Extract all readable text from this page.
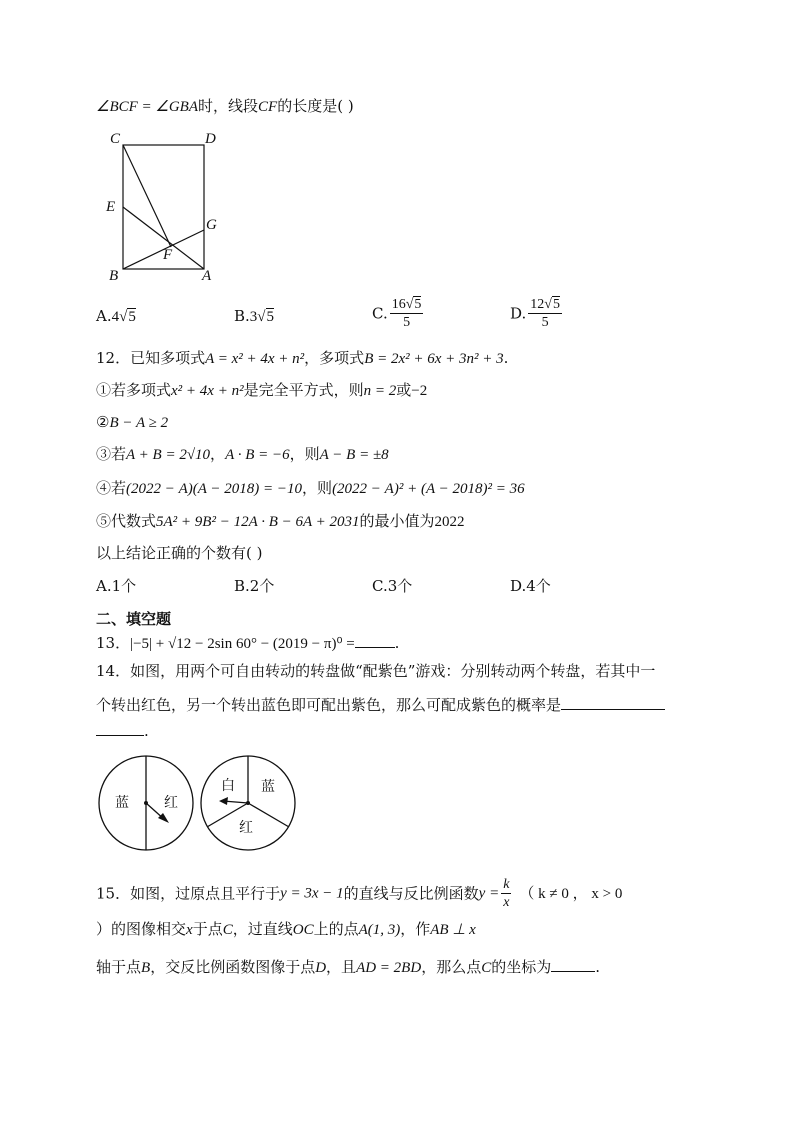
∠BCF = ∠GBA时，线段CF的长度是( )
C	D
E
G
F
B	A
A.4√5	B.3√5	C. $\frac{16√5}{5}$	D. $\frac{12√5}{5}$
12．已知多项式A = x² + 4x + n²，多项式B = 2x² + 6x + 3n² + 3.
①若多项式x² + 4x + n²是完全平方式，则n = 2或−2
②B − A ≥ 2
③若A + B = 2√10，A · B = −6，则A − B = ±8
④若(2022 − A)(A − 2018) = −10，则(2022 − A)² + (A − 2018)² = 36
⑤代数式5A² + 9B² − 12A · B − 6A + 2031的最小值为2022
以上结论正确的个数有( )
A.1个	B.2个	C.3个	D.4个
二、填空题
13．|−5| + √12 − 2sin 60° − (2019 − π)⁰ =	.
14．如图，用两个可自由转动的转盘做“配紫色”游戏：分别转动两个转盘，若其中一
个转出红色，另一个转出蓝色即可配出紫色，那么可配成紫色的概率是
.
蓝	红
白 蓝
红
15．如图，过原点且平行于y = 3x − 1的直线与反比例函数$y = \frac{k}{x}$ （ k ≠ 0 ， x > 0
）的图像相交x于点C，过直线OC上的点A(1, 3)，作AB ⊥ x
轴于点B，交反比例函数图像于点D，且AD = 2BD，那么点C的坐标为	.
